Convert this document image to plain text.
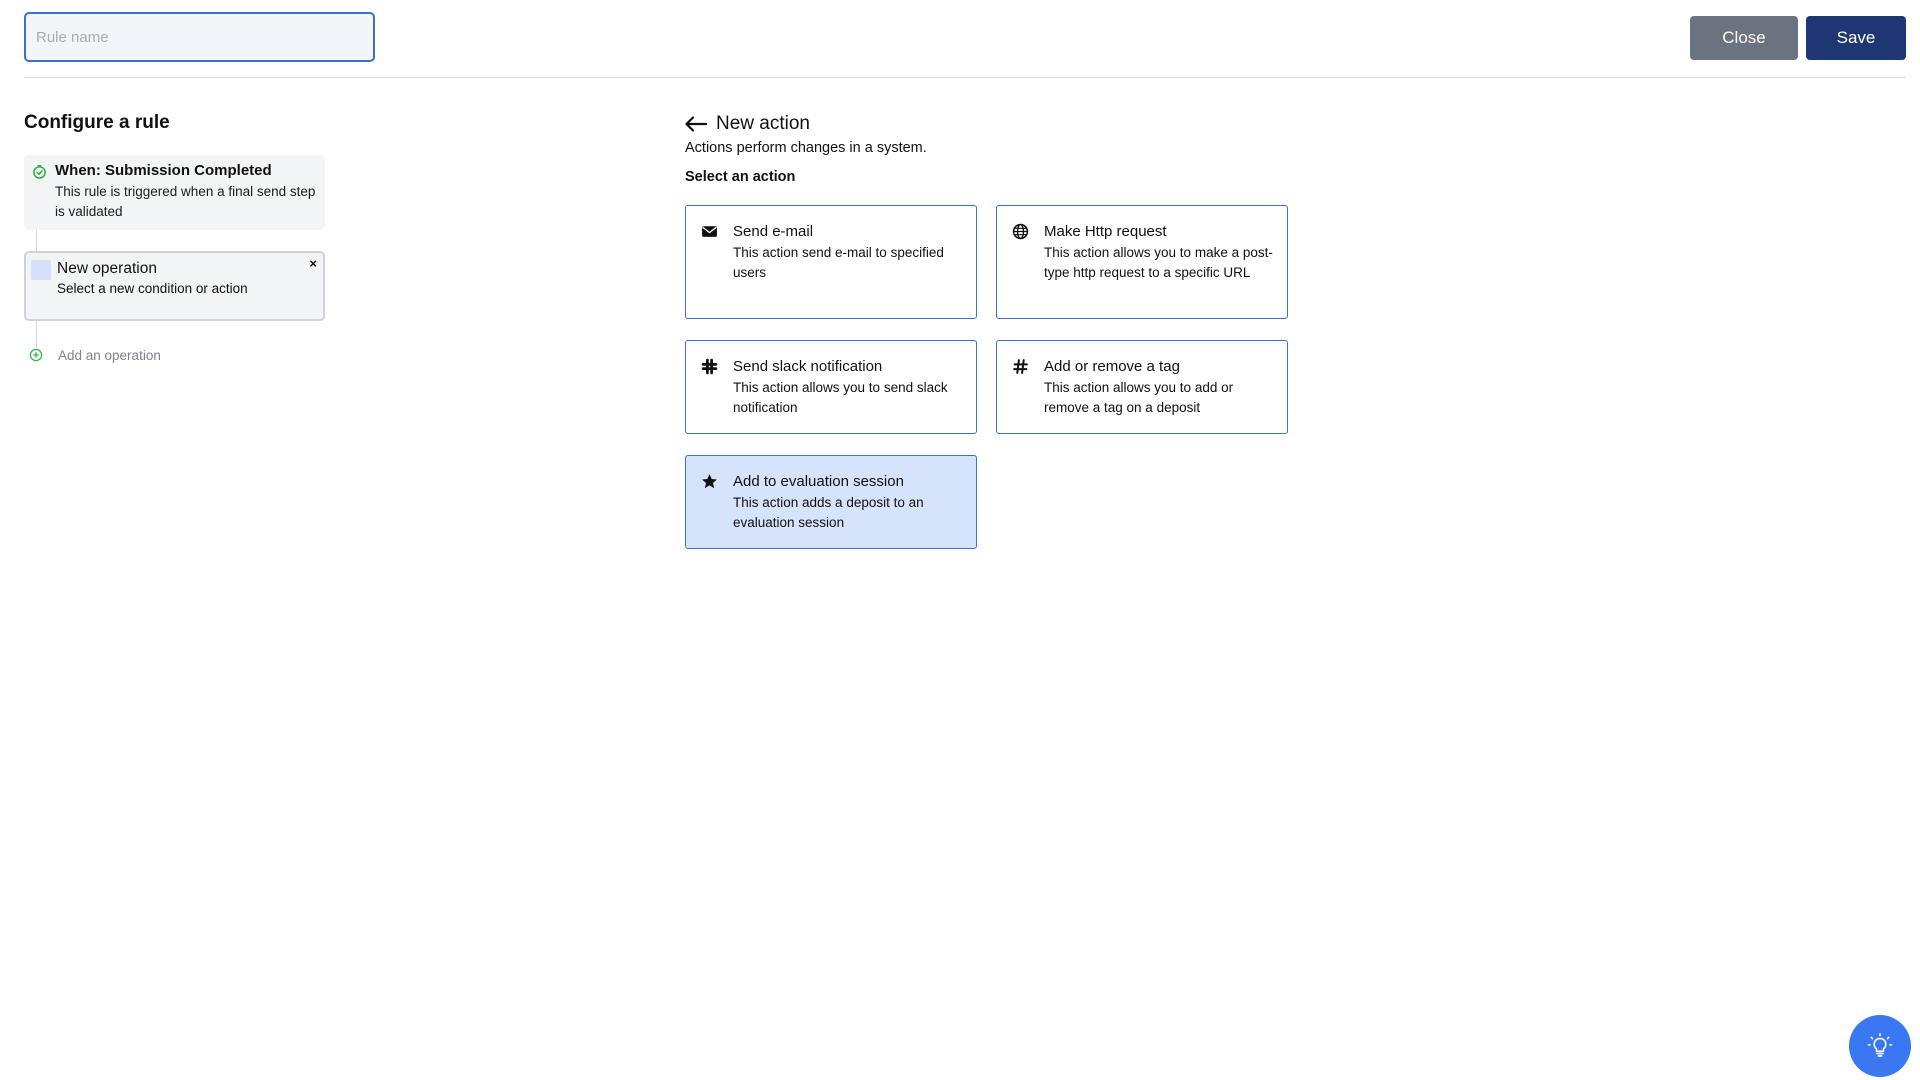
Rule name
Close	Save
Configure a rule
When: Submission Completed
This rule is triggered when a final send step is validated
New operation
Select a new condition or action
×
Add an operation
New action
Actions perform changes in a system.
Select an action
Send e-mail
This action send e-mail to specified users
Make Http request
This action allows you to make a post-type http request to a specific URL
Send slack notification
This action allows you to send slack notification
Add or remove a tag
This action allows you to add or remove a tag on a deposit
Add to evaluation session
This action adds a deposit to an evaluation session
